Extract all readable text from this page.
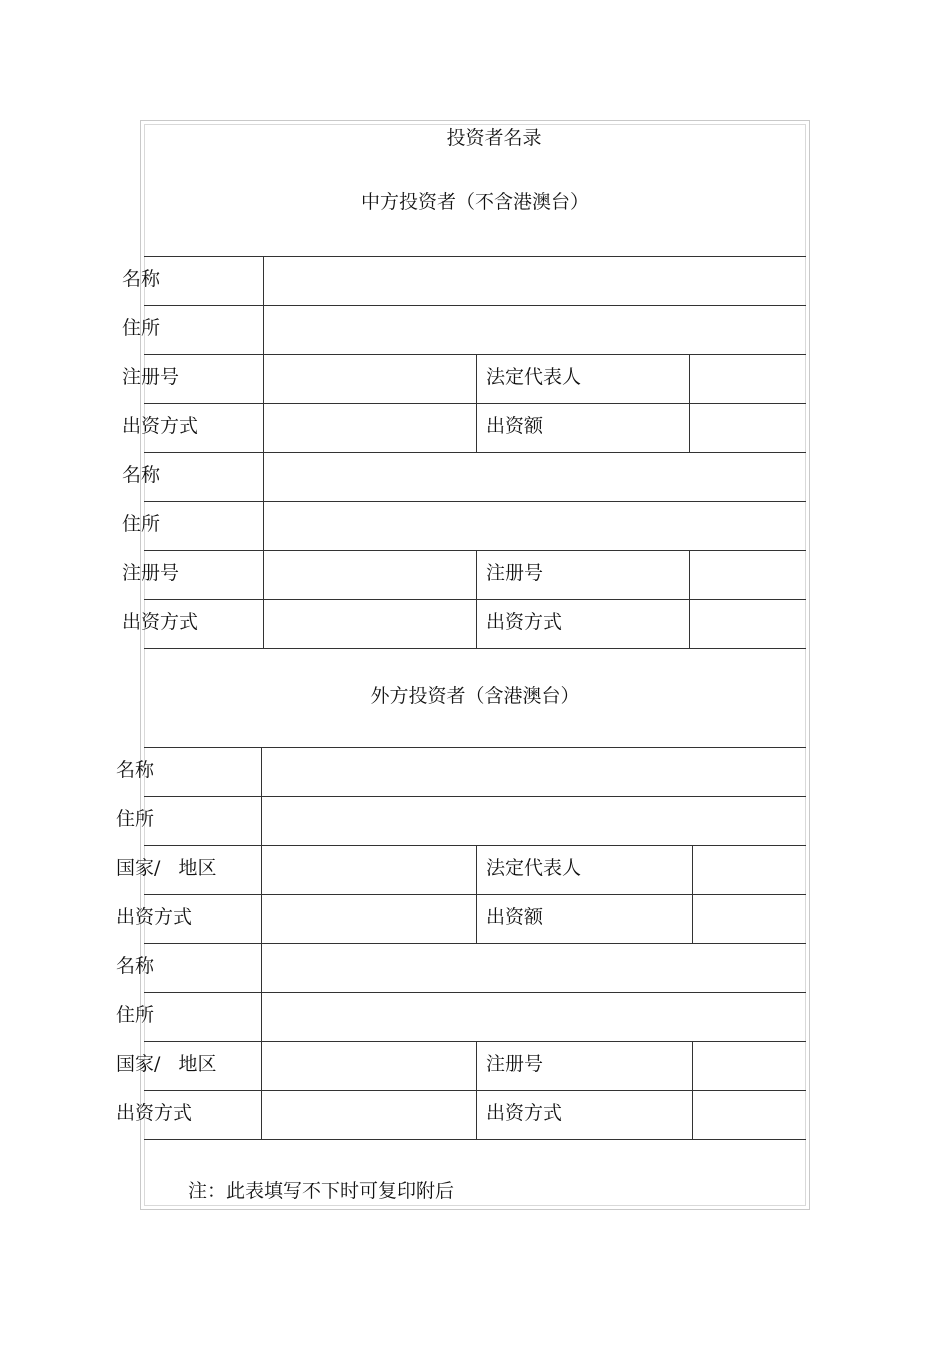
投资者名录
中方投资者（不含港澳台）
外方投资者（含港澳台）
名称
住所
注册号	法定代表人
出资方式	出资额
名称
住所
注册号	注册号
出资方式	出资方式
名称
住所
国家/   地区	法定代表人
出资方式	出资额
名称
住所
国家/   地区	注册号
出资方式	出资方式
注：此表填写不下时可复印附后
